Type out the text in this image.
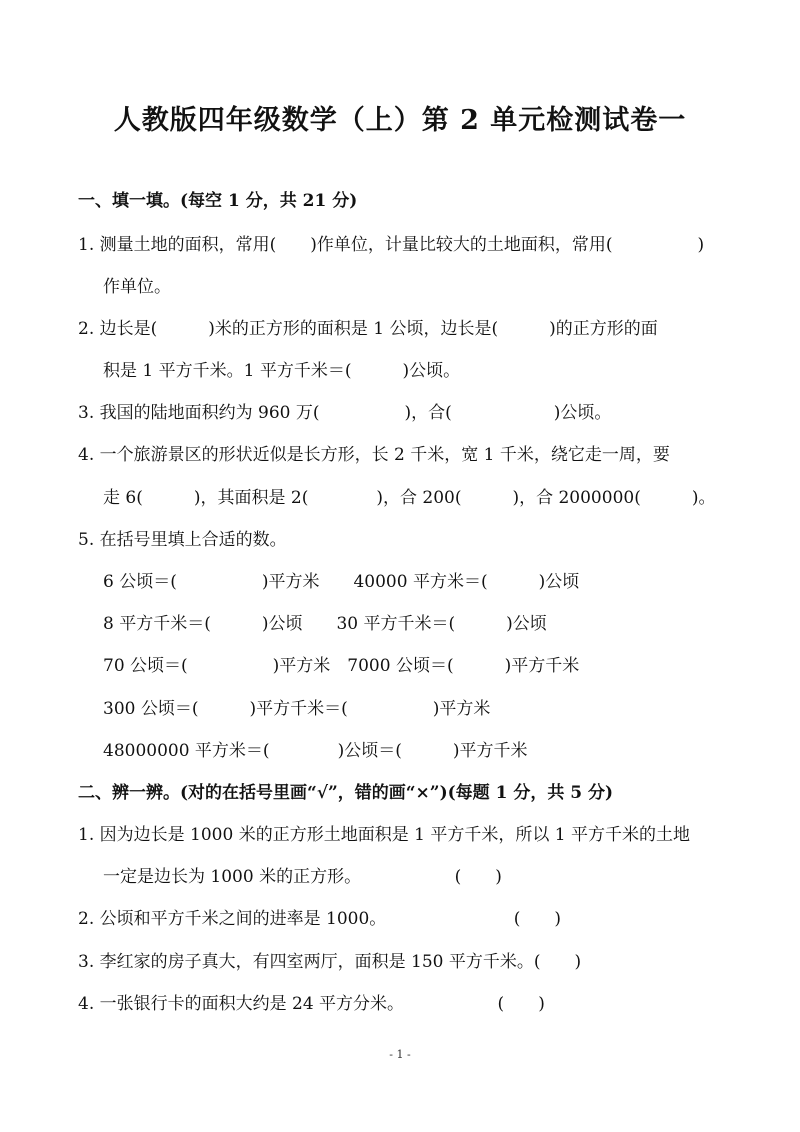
人教版四年级数学（上）第 2 单元检测试卷一
一、填一填。(每空 1 分，共 21 分)
1. 测量土地的面积，常用(　　)作单位，计量比较大的土地面积，常用(　　　　　)
作单位。
2. 边长是(　　　)米的正方形的面积是 1 公顷，边长是(　　　)的正方形的面
积是 1 平方千米。1 平方千米＝(　　　)公顷。
3. 我国的陆地面积约为 960 万(　　　　　)，合(　　　　　　)公顷。
4. 一个旅游景区的形状近似是长方形，长 2 千米，宽 1 千米，绕它走一周，要
走 6(　　　)，其面积是 2(　　　　)，合 200(　　　)，合 2000000(　　　)。
5. 在括号里填上合适的数。
6 公顷＝(　　　　　)平方米　　40000 平方米＝(　　　)公顷
8 平方千米＝(　　　)公顷　　30 平方千米＝(　　　)公顷
70 公顷＝(　　　　　)平方米　7000 公顷＝(　　　)平方千米
300 公顷＝(　　　)平方千米＝(　　　　　)平方米
48000000 平方米＝(　　　　)公顷＝(　　　)平方千米
二、辨一辨。(对的在括号里画“√”，错的画“×”)(每题 1 分，共 5 分)
1. 因为边长是 1000 米的正方形土地面积是 1 平方千米，所以 1 平方千米的土地
一定是边长为 1000 米的正方形。　　　　　　(　　)
2. 公顷和平方千米之间的进率是 1000。　　　　　　　　(　　)
3. 李红家的房子真大，有四室两厅，面积是 150 平方千米。(　　)
4. 一张银行卡的面积大约是 24 平方分米。　　　　　　(　　)
- 1 -
